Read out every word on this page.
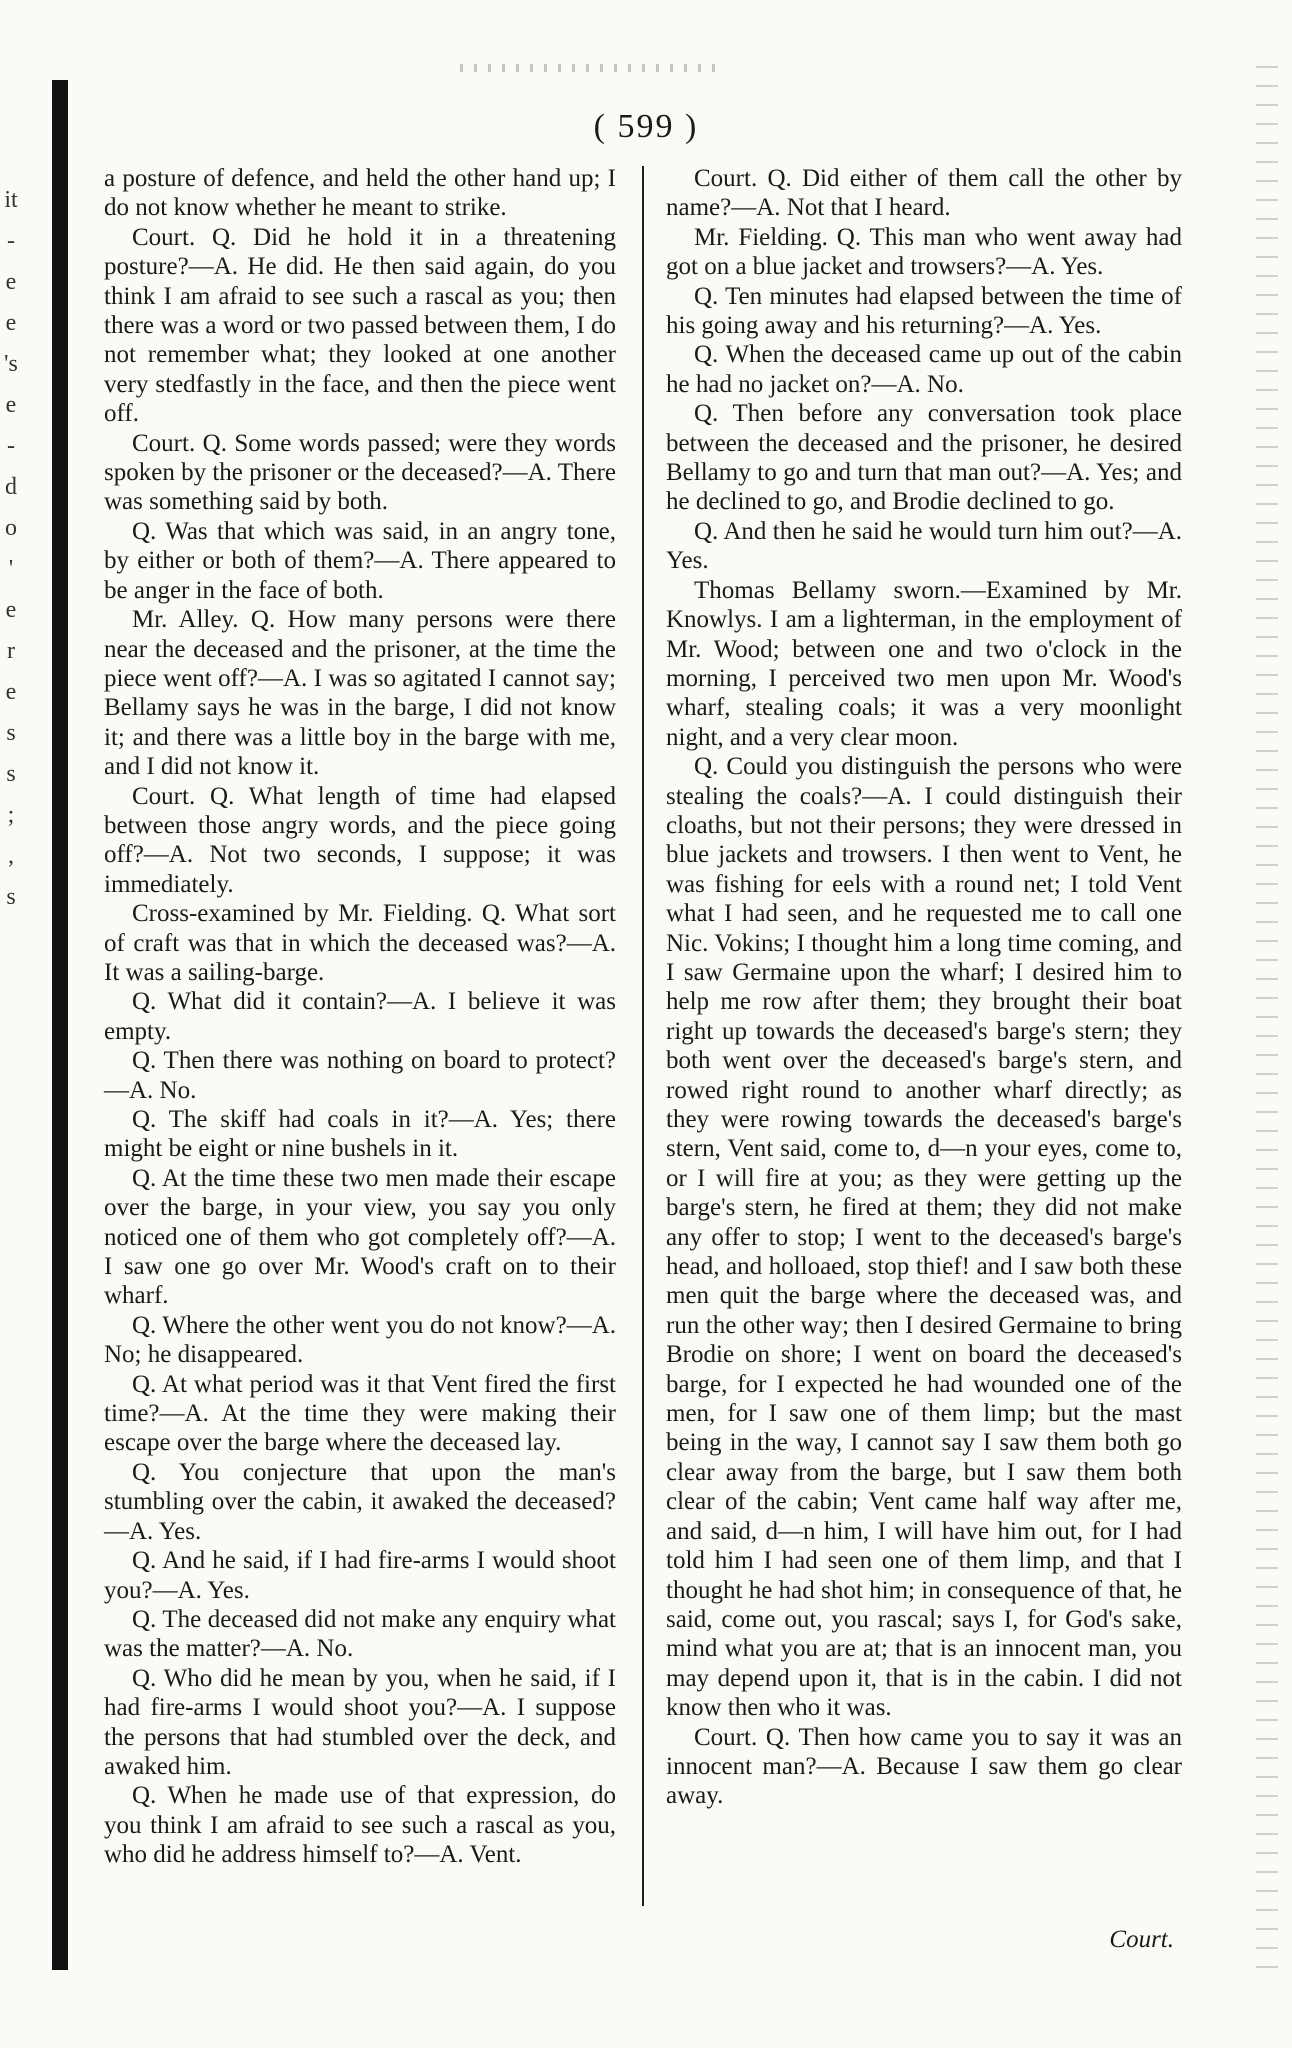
it
-
e
e
's
e
-
d
o
'
e
r
e
s
s
;
,
s
( 599 )

a posture of defence, and held the other hand up; I do not know whether he meant to strike.

Court. Q. Did he hold it in a threatening posture?—A. He did. He then said again, do you think I am afraid to see such a rascal as you; then there was a word or two passed between them, I do not remember what; they looked at one another very stedfastly in the face, and then the piece went off.

Court. Q. Some words passed; were they words spoken by the prisoner or the deceased?—A. There was something said by both.

Q. Was that which was said, in an angry tone, by either or both of them?—A. There appeared to be anger in the face of both.

Mr. Alley. Q. How many persons were there near the deceased and the prisoner, at the time the piece went off?—A. I was so agitated I cannot say; Bellamy says he was in the barge, I did not know it; and there was a little boy in the barge with me, and I did not know it.

Court. Q. What length of time had elapsed between those angry words, and the piece going off?—A. Not two seconds, I suppose; it was immediately.

Cross-examined by Mr. Fielding. Q. What sort of craft was that in which the deceased was?—A. It was a sailing-barge.

Q. What did it contain?—A. I believe it was empty.

Q. Then there was nothing on board to protect?—A. No.

Q. The skiff had coals in it?—A. Yes; there might be eight or nine bushels in it.

Q. At the time these two men made their escape over the barge, in your view, you say you only noticed one of them who got completely off?—A. I saw one go over Mr. Wood's craft on to their wharf.

Q. Where the other went you do not know?—A. No; he disappeared.

Q. At what period was it that Vent fired the first time?—A. At the time they were making their escape over the barge where the deceased lay.

Q. You conjecture that upon the man's stumbling over the cabin, it awaked the deceased?—A. Yes.

Q. And he said, if I had fire-arms I would shoot you?—A. Yes.

Q. The deceased did not make any enquiry what was the matter?—A. No.

Q. Who did he mean by you, when he said, if I had fire-arms I would shoot you?—A. I suppose the persons that had stumbled over the deck, and awaked him.

Q. When he made use of that expression, do you think I am afraid to see such a rascal as you, who did he address himself to?—A. Vent.

Court. Q. Did either of them call the other by name?—A. Not that I heard.

Mr. Fielding. Q. This man who went away had got on a blue jacket and trowsers?—A. Yes.

Q. Ten minutes had elapsed between the time of his going away and his returning?—A. Yes.

Q. When the deceased came up out of the cabin he had no jacket on?—A. No.

Q. Then before any conversation took place between the deceased and the prisoner, he desired Bellamy to go and turn that man out?—A. Yes; and he declined to go, and Brodie declined to go.

Q. And then he said he would turn him out?—A. Yes.

Thomas Bellamy sworn.—Examined by Mr. Knowlys. I am a lighterman, in the employment of Mr. Wood; between one and two o'clock in the morning, I perceived two men upon Mr. Wood's wharf, stealing coals; it was a very moonlight night, and a very clear moon.

Q. Could you distinguish the persons who were stealing the coals?—A. I could distinguish their cloaths, but not their persons; they were dressed in blue jackets and trowsers. I then went to Vent, he was fishing for eels with a round net; I told Vent what I had seen, and he requested me to call one Nic. Vokins; I thought him a long time coming, and I saw Germaine upon the wharf; I desired him to help me row after them; they brought their boat right up towards the deceased's barge's stern; they both went over the deceased's barge's stern, and rowed right round to another wharf directly; as they were rowing towards the deceased's barge's stern, Vent said, come to, d—n your eyes, come to, or I will fire at you; as they were getting up the barge's stern, he fired at them; they did not make any offer to stop; I went to the deceased's barge's head, and holloaed, stop thief! and I saw both these men quit the barge where the deceased was, and run the other way; then I desired Germaine to bring Brodie on shore; I went on board the deceased's barge, for I expected he had wounded one of the men, for I saw one of them limp; but the mast being in the way, I cannot say I saw them both go clear away from the barge, but I saw them both clear of the cabin; Vent came half way after me, and said, d—n him, I will have him out, for I had told him I had seen one of them limp, and that I thought he had shot him; in consequence of that, he said, come out, you rascal; says I, for God's sake, mind what you are at; that is an innocent man, you may depend upon it, that is in the cabin. I did not know then who it was.

Court. Q. Then how came you to say it was an innocent man?—A. Because I saw them go clear away.

Court.
